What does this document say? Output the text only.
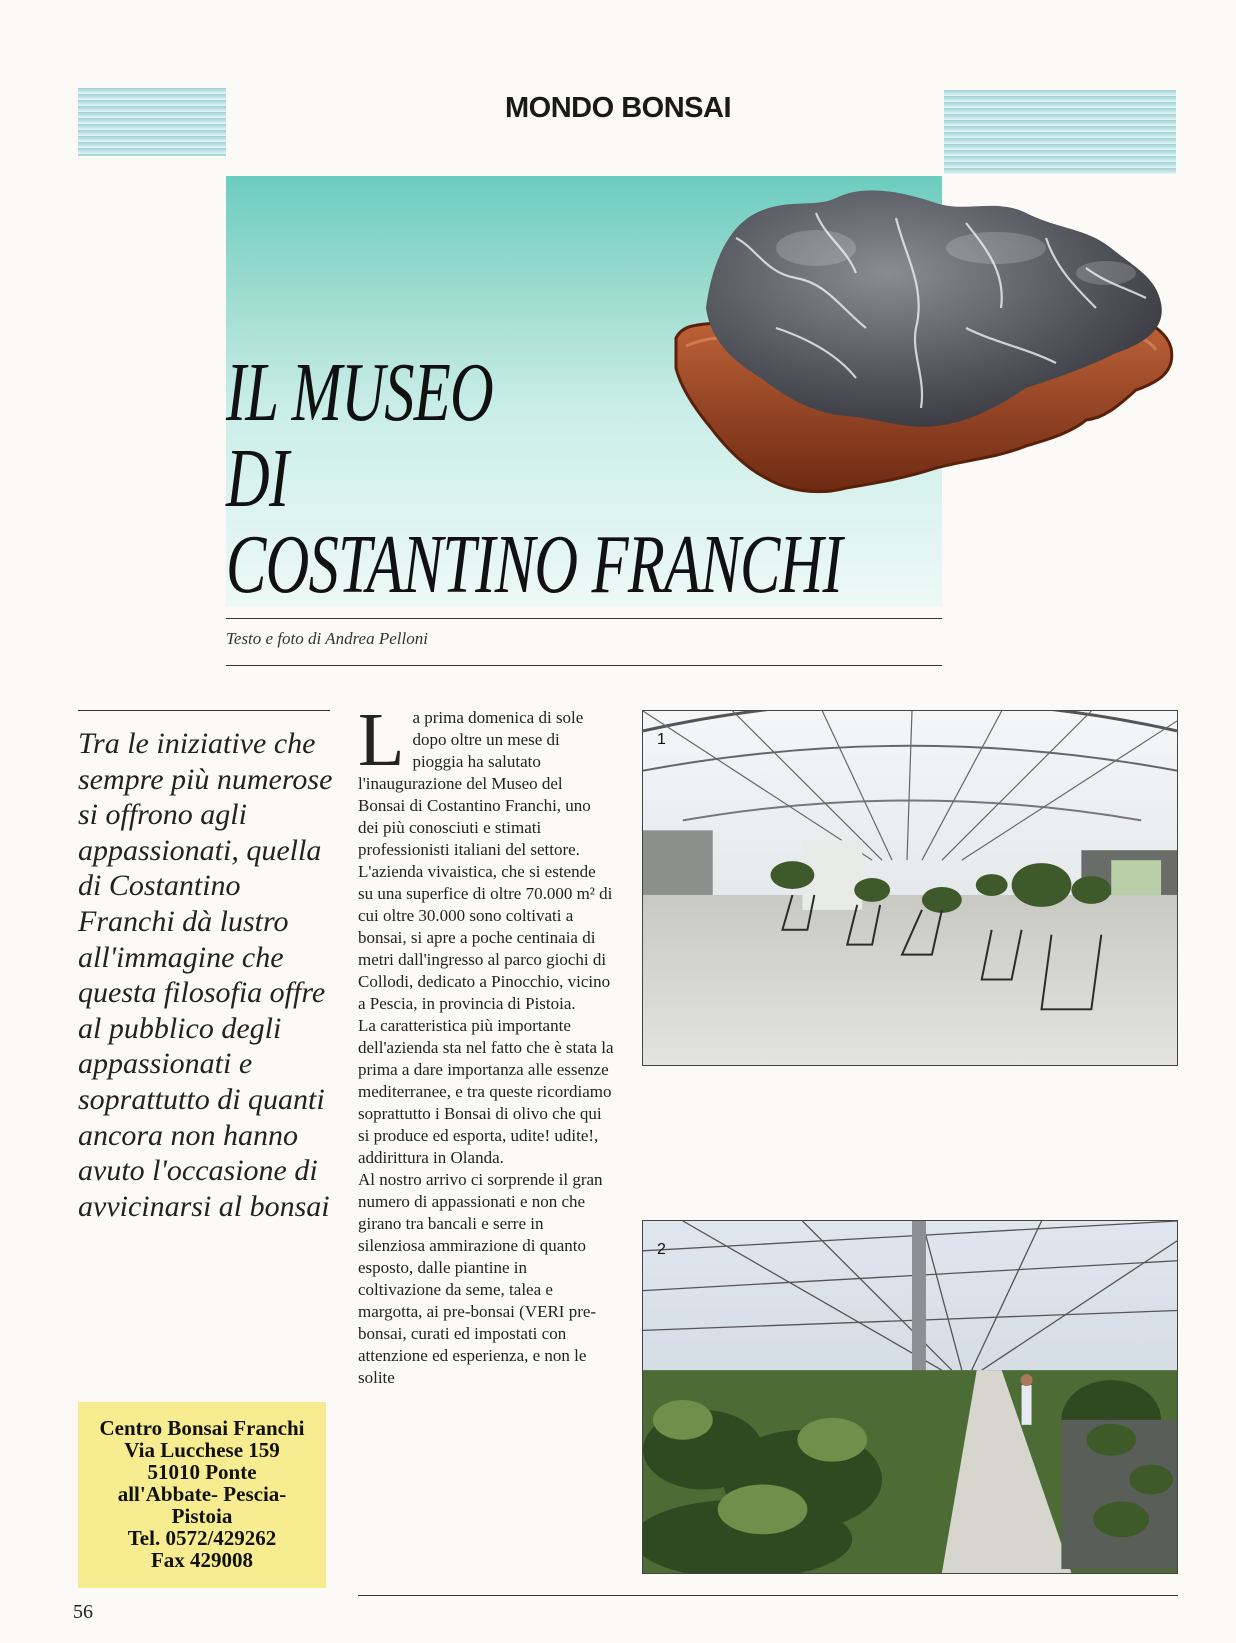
MONDO BONSAI
IL MUSEO
DI
COSTANTINO FRANCHI
Testo e foto di Andrea Pelloni
Tra le iniziative che sempre più numerose si offrono agli appassionati, quella di Costantino Franchi dà lustro all'immagine che questa filosofia offre al pubblico degli appassionati e soprattutto di quanti ancora non hanno avuto l'occasione di avvicinarsi al bonsai
L a prima domenica di sole dopo oltre un mese di pioggia ha salutato l'inaugurazione del Museo del Bonsai di Costantino Franchi, uno dei più conosciuti e stimati professionisti italiani del settore. L'azienda vivaistica, che si estende su una superfice di oltre 70.000 m² di cui oltre 30.000 sono coltivati a bonsai, si apre a poche centinaia di metri dall'ingresso al parco giochi di Collodi, dedicato a Pinocchio, vicino a Pescia, in provincia di Pistoia.

La caratteristica più importante dell'azienda sta nel fatto che è stata la prima a dare importanza alle essenze mediterranee, e tra queste ricordiamo soprattutto i Bonsai di olivo che qui si produce ed esporta, udite! udite!, addirittura in Olanda.

Al nostro arrivo ci sorprende il gran numero di appassionati e non che girano tra bancali e serre in silenziosa ammirazione di quanto esposto, dalle piantine in coltivazione da seme, talea e margotta, ai pre-bonsai (VERI pre-bonsai, curati ed impostati con attenzione ed esperienza, e non le solite

1
2
Centro Bonsai Franchi
Via Lucchese 159
51010 Ponte
all'Abbate- Pescia-
Pistoia
Tel. 0572/429262
Fax 429008
56
